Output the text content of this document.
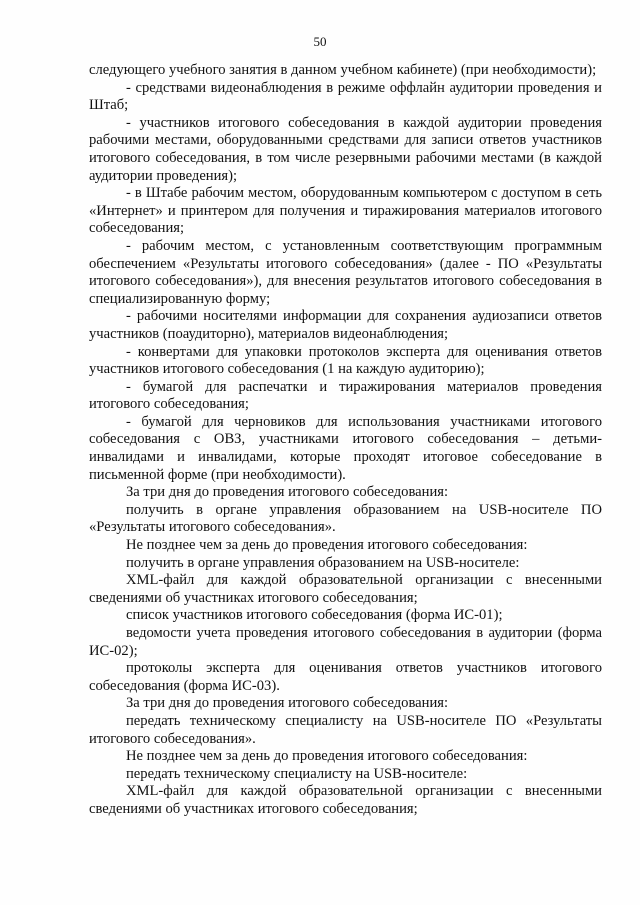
50

следующего учебного занятия в данном учебном кабинете) (при необходимости);

- средствами видеонаблюдения в режиме оффлайн аудитории проведения и Штаб;

- участников итогового собеседования в каждой аудитории проведения рабочими местами, оборудованными средствами для записи ответов участников итогового собеседования, в том числе резервными рабочими местами (в каждой аудитории проведения);

- в Штабе рабочим местом, оборудованным компьютером с доступом в сеть «Интернет» и принтером для получения и тиражирования материалов итогового собеседования;

- рабочим местом, с установленным соответствующим программным обеспечением «Результаты итогового собеседования» (далее - ПО «Результаты итогового собеседования»), для внесения результатов итогового собеседования в специализированную форму;

- рабочими носителями информации для сохранения аудиозаписи ответов участников (поаудиторно), материалов видеонаблюдения;

- конвертами для упаковки протоколов эксперта для оценивания ответов участников итогового собеседования (1 на каждую аудиторию);

- бумагой для распечатки и тиражирования материалов проведения итогового собеседования;

- бумагой для черновиков для использования участниками итогового собеседования с ОВЗ, участниками итогового собеседования – детьми-инвалидами и инвалидами, которые проходят итоговое собеседование в письменной форме (при необходимости).

За три дня до проведения итогового собеседования:

получить в органе управления образованием на USB-носителе ПО «Результаты итогового собеседования».

Не позднее чем за день до проведения итогового собеседования:

получить в органе управления образованием на USB-носителе:

XML-файл для каждой образовательной организации с внесенными сведениями об участниках итогового собеседования;

список участников итогового собеседования (форма ИС-01);

ведомости учета проведения итогового собеседования в аудитории (форма ИС-02);

протоколы эксперта для оценивания ответов участников итогового собеседования (форма ИС-03).

За три дня до проведения итогового собеседования:

передать техническому специалисту на USB-носителе ПО «Результаты итогового собеседования».

Не позднее чем за день до проведения итогового собеседования:

передать техническому специалисту на USB-носителе:

XML-файл для каждой образовательной организации с внесенными сведениями об участниках итогового собеседования;
